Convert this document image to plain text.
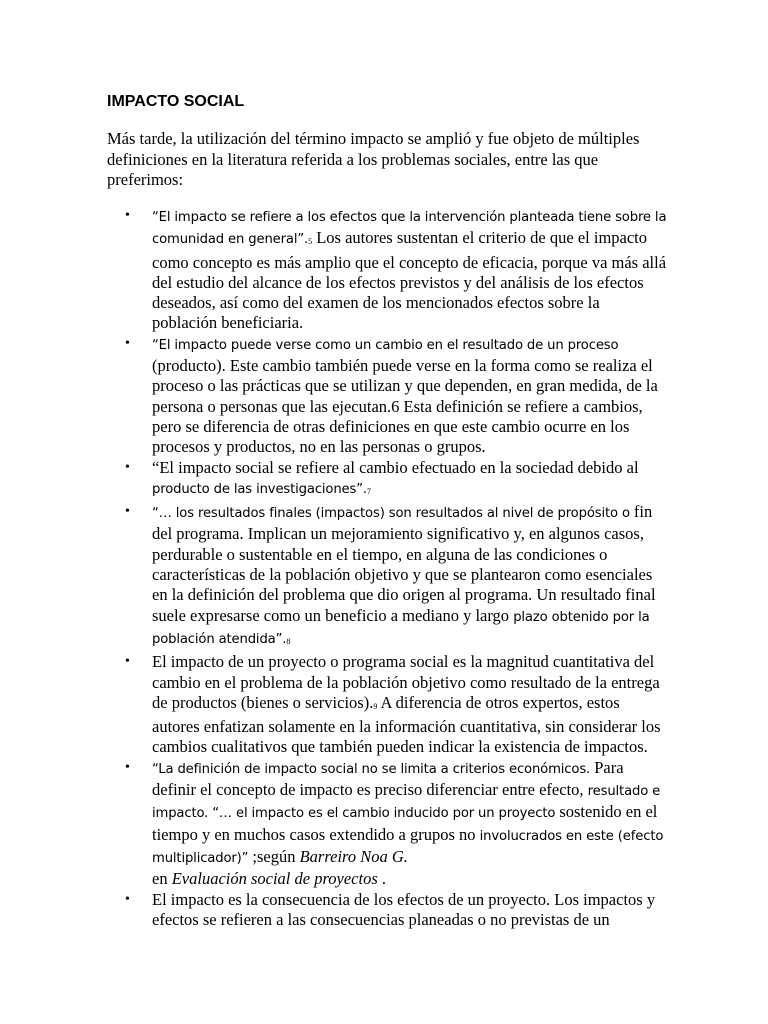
IMPACTO SOCIAL

Más tarde, la utilización del término impacto se amplió y fue objeto de múltiples definiciones en la literatura referida a los problemas sociales, entre las que preferimos:

• “El impacto se refiere a los efectos que la intervención planteada tiene sobre la comunidad en general”.5 Los autores sustentan el criterio de que el impacto como concepto es más amplio que el concepto de eficacia, porque va más allá del estudio del alcance de los efectos previstos y del análisis de los efectos deseados, así como del examen de los mencionados efectos sobre la población beneficiaria.
• “El impacto puede verse como un cambio en el resultado de un proceso (producto). Este cambio también puede verse en la forma como se realiza el proceso o las prácticas que se utilizan y que dependen, en gran medida, de la persona o personas que las ejecutan.6 Esta definición se refiere a cambios, pero se diferencia de otras definiciones en que este cambio ocurre en los procesos y productos, no en las personas o grupos.
• “El impacto social se refiere al cambio efectuado en la sociedad debido al producto de las investigaciones”.7
• “… los resultados finales (impactos) son resultados al nivel de propósito o fin del programa. Implican un mejoramiento significativo y, en algunos casos, perdurable o sustentable en el tiempo, en alguna de las condiciones o características de la población objetivo y que se plantearon como esenciales en la definición del problema que dio origen al programa. Un resultado final suele expresarse como un beneficio a mediano y largo plazo obtenido por la población atendida”.8
• El impacto de un proyecto o programa social es la magnitud cuantitativa del cambio en el problema de la población objetivo como resultado de la entrega de productos (bienes o servicios).9 A diferencia de otros expertos, estos autores enfatizan solamente en la información cuantitativa, sin considerar los cambios cualitativos que también pueden indicar la existencia de impactos.
• “La definición de impacto social no se limita a criterios económicos. Para definir el concepto de impacto es preciso diferenciar entre efecto, resultado e impacto. “… el impacto es el cambio inducido por un proyecto sostenido en el tiempo y en muchos casos extendido a grupos no involucrados en este (efecto multiplicador)” ;según Barreiro Noa G.
en Evaluación social de proyectos .
• El impacto es la consecuencia de los efectos de un proyecto. Los impactos y efectos se refieren a las consecuencias planeadas o no previstas de un
